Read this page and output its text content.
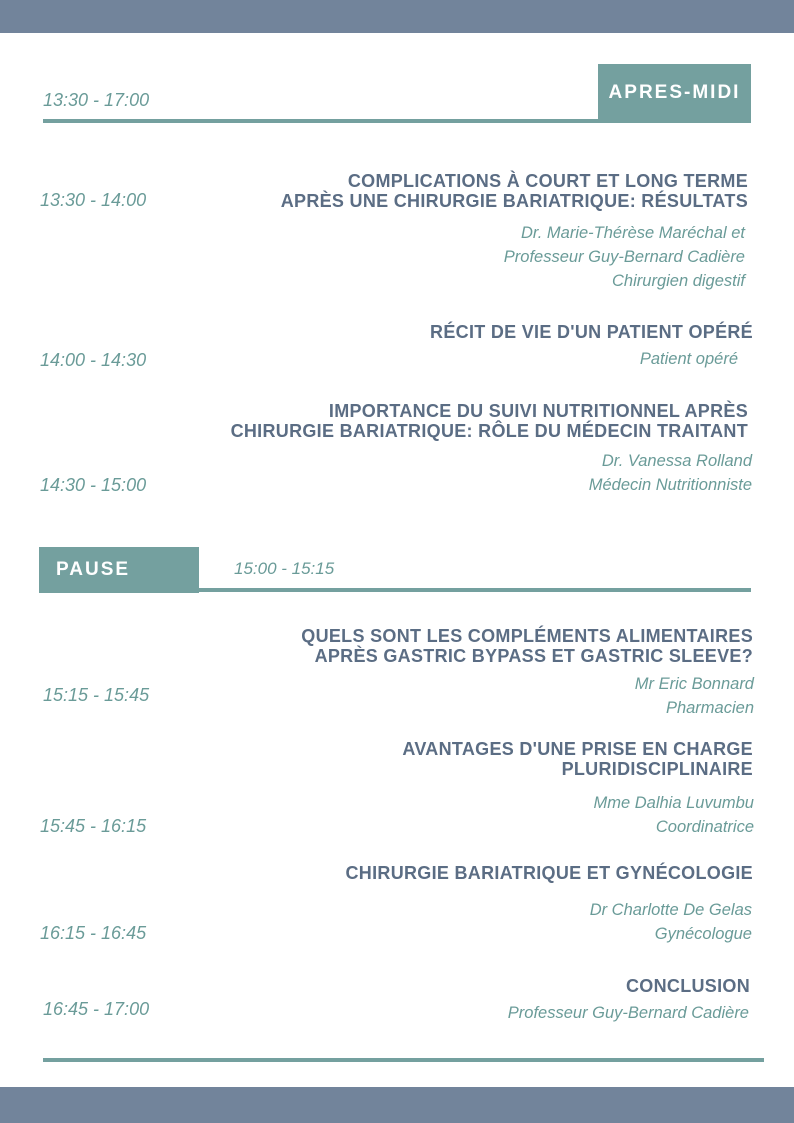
13:30 - 17:00	APRES-MIDI
13:30 - 14:00
COMPLICATIONS À COURT ET LONG TERME
APRÈS UNE CHIRURGIE BARIATRIQUE: RÉSULTATS
Dr. Marie-Thérèse Maréchal et
Professeur Guy-Bernard Cadière
Chirurgien digestif
14:00 - 14:30
RÉCIT DE VIE D'UN PATIENT OPÉRÉ
Patient opéré
14:30 - 15:00
IMPORTANCE DU SUIVI NUTRITIONNEL APRÈS
CHIRURGIE BARIATRIQUE: RÔLE DU MÉDECIN TRAITANT
Dr. Vanessa Rolland
Médecin Nutritionniste
PAUSE	15:00 - 15:15
15:15 - 15:45
QUELS SONT LES COMPLÉMENTS ALIMENTAIRES
APRÈS GASTRIC BYPASS ET GASTRIC SLEEVE?
Mr Eric Bonnard
Pharmacien
15:45 - 16:15
AVANTAGES D'UNE PRISE EN CHARGE
PLURIDISCIPLINAIRE
Mme Dalhia Luvumbu
Coordinatrice
16:15 - 16:45
CHIRURGIE BARIATRIQUE ET GYNÉCOLOGIE
Dr Charlotte De Gelas
Gynécologue
16:45 - 17:00
CONCLUSION
Professeur Guy-Bernard Cadière
